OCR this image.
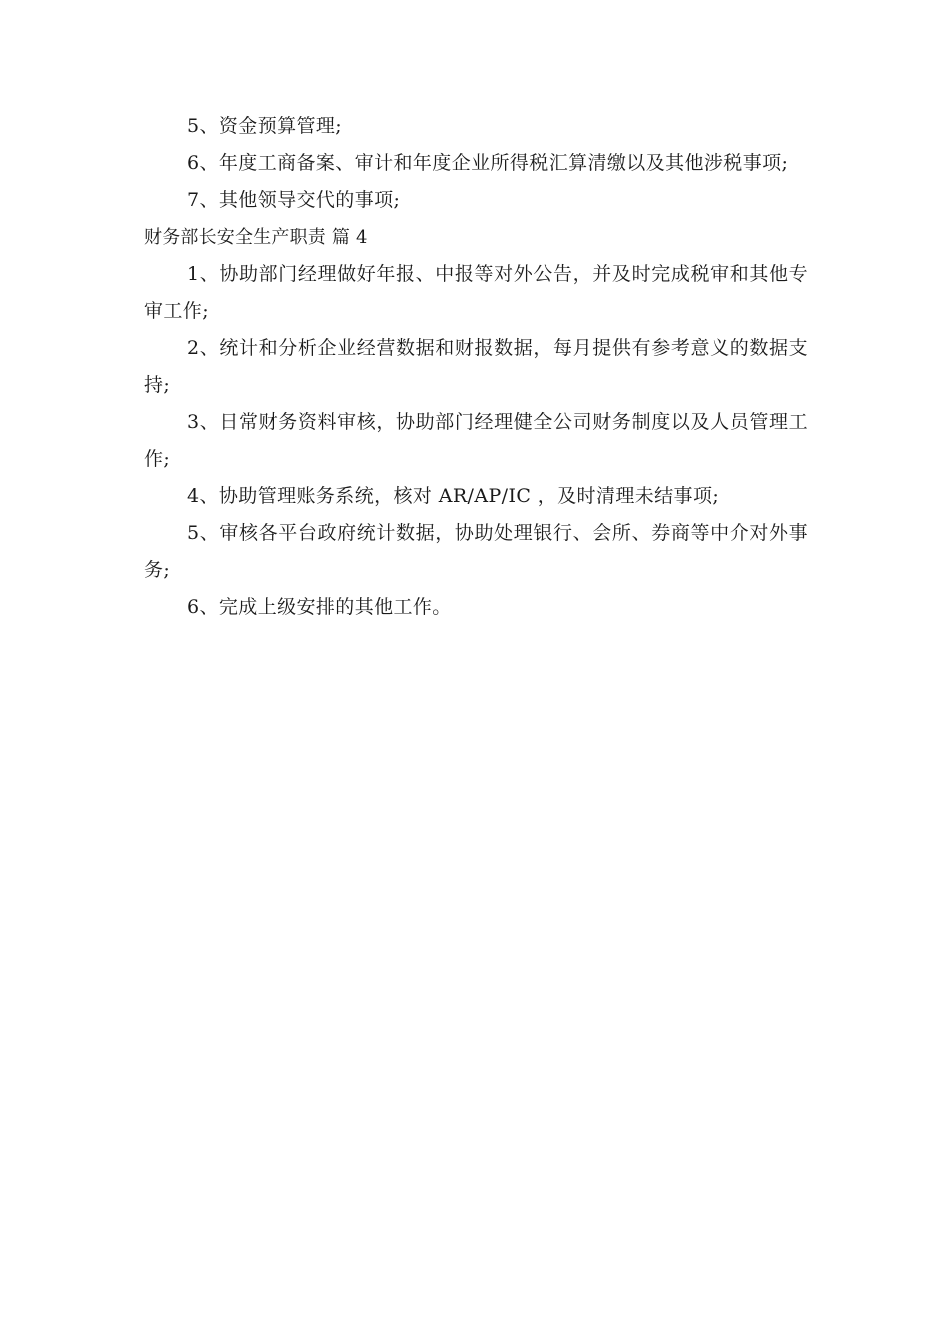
5、资金预算管理;

6、年度工商备案、审计和年度企业所得税汇算清缴以及其他涉税事项;

7、其他领导交代的事项;

财务部长安全生产职责 篇 4

1、协助部门经理做好年报、中报等对外公告，并及时完成税审和其他专审工作;

2、统计和分析企业经营数据和财报数据，每月提供有参考意义的数据支持;

3、日常财务资料审核，协助部门经理健全公司财务制度以及人员管理工作;

4、协助管理账务系统，核对 AR/AP/IC ，及时清理未结事项;

5、审核各平台政府统计数据，协助处理银行、会所、券商等中介对外事务;

6、完成上级安排的其他工作。
